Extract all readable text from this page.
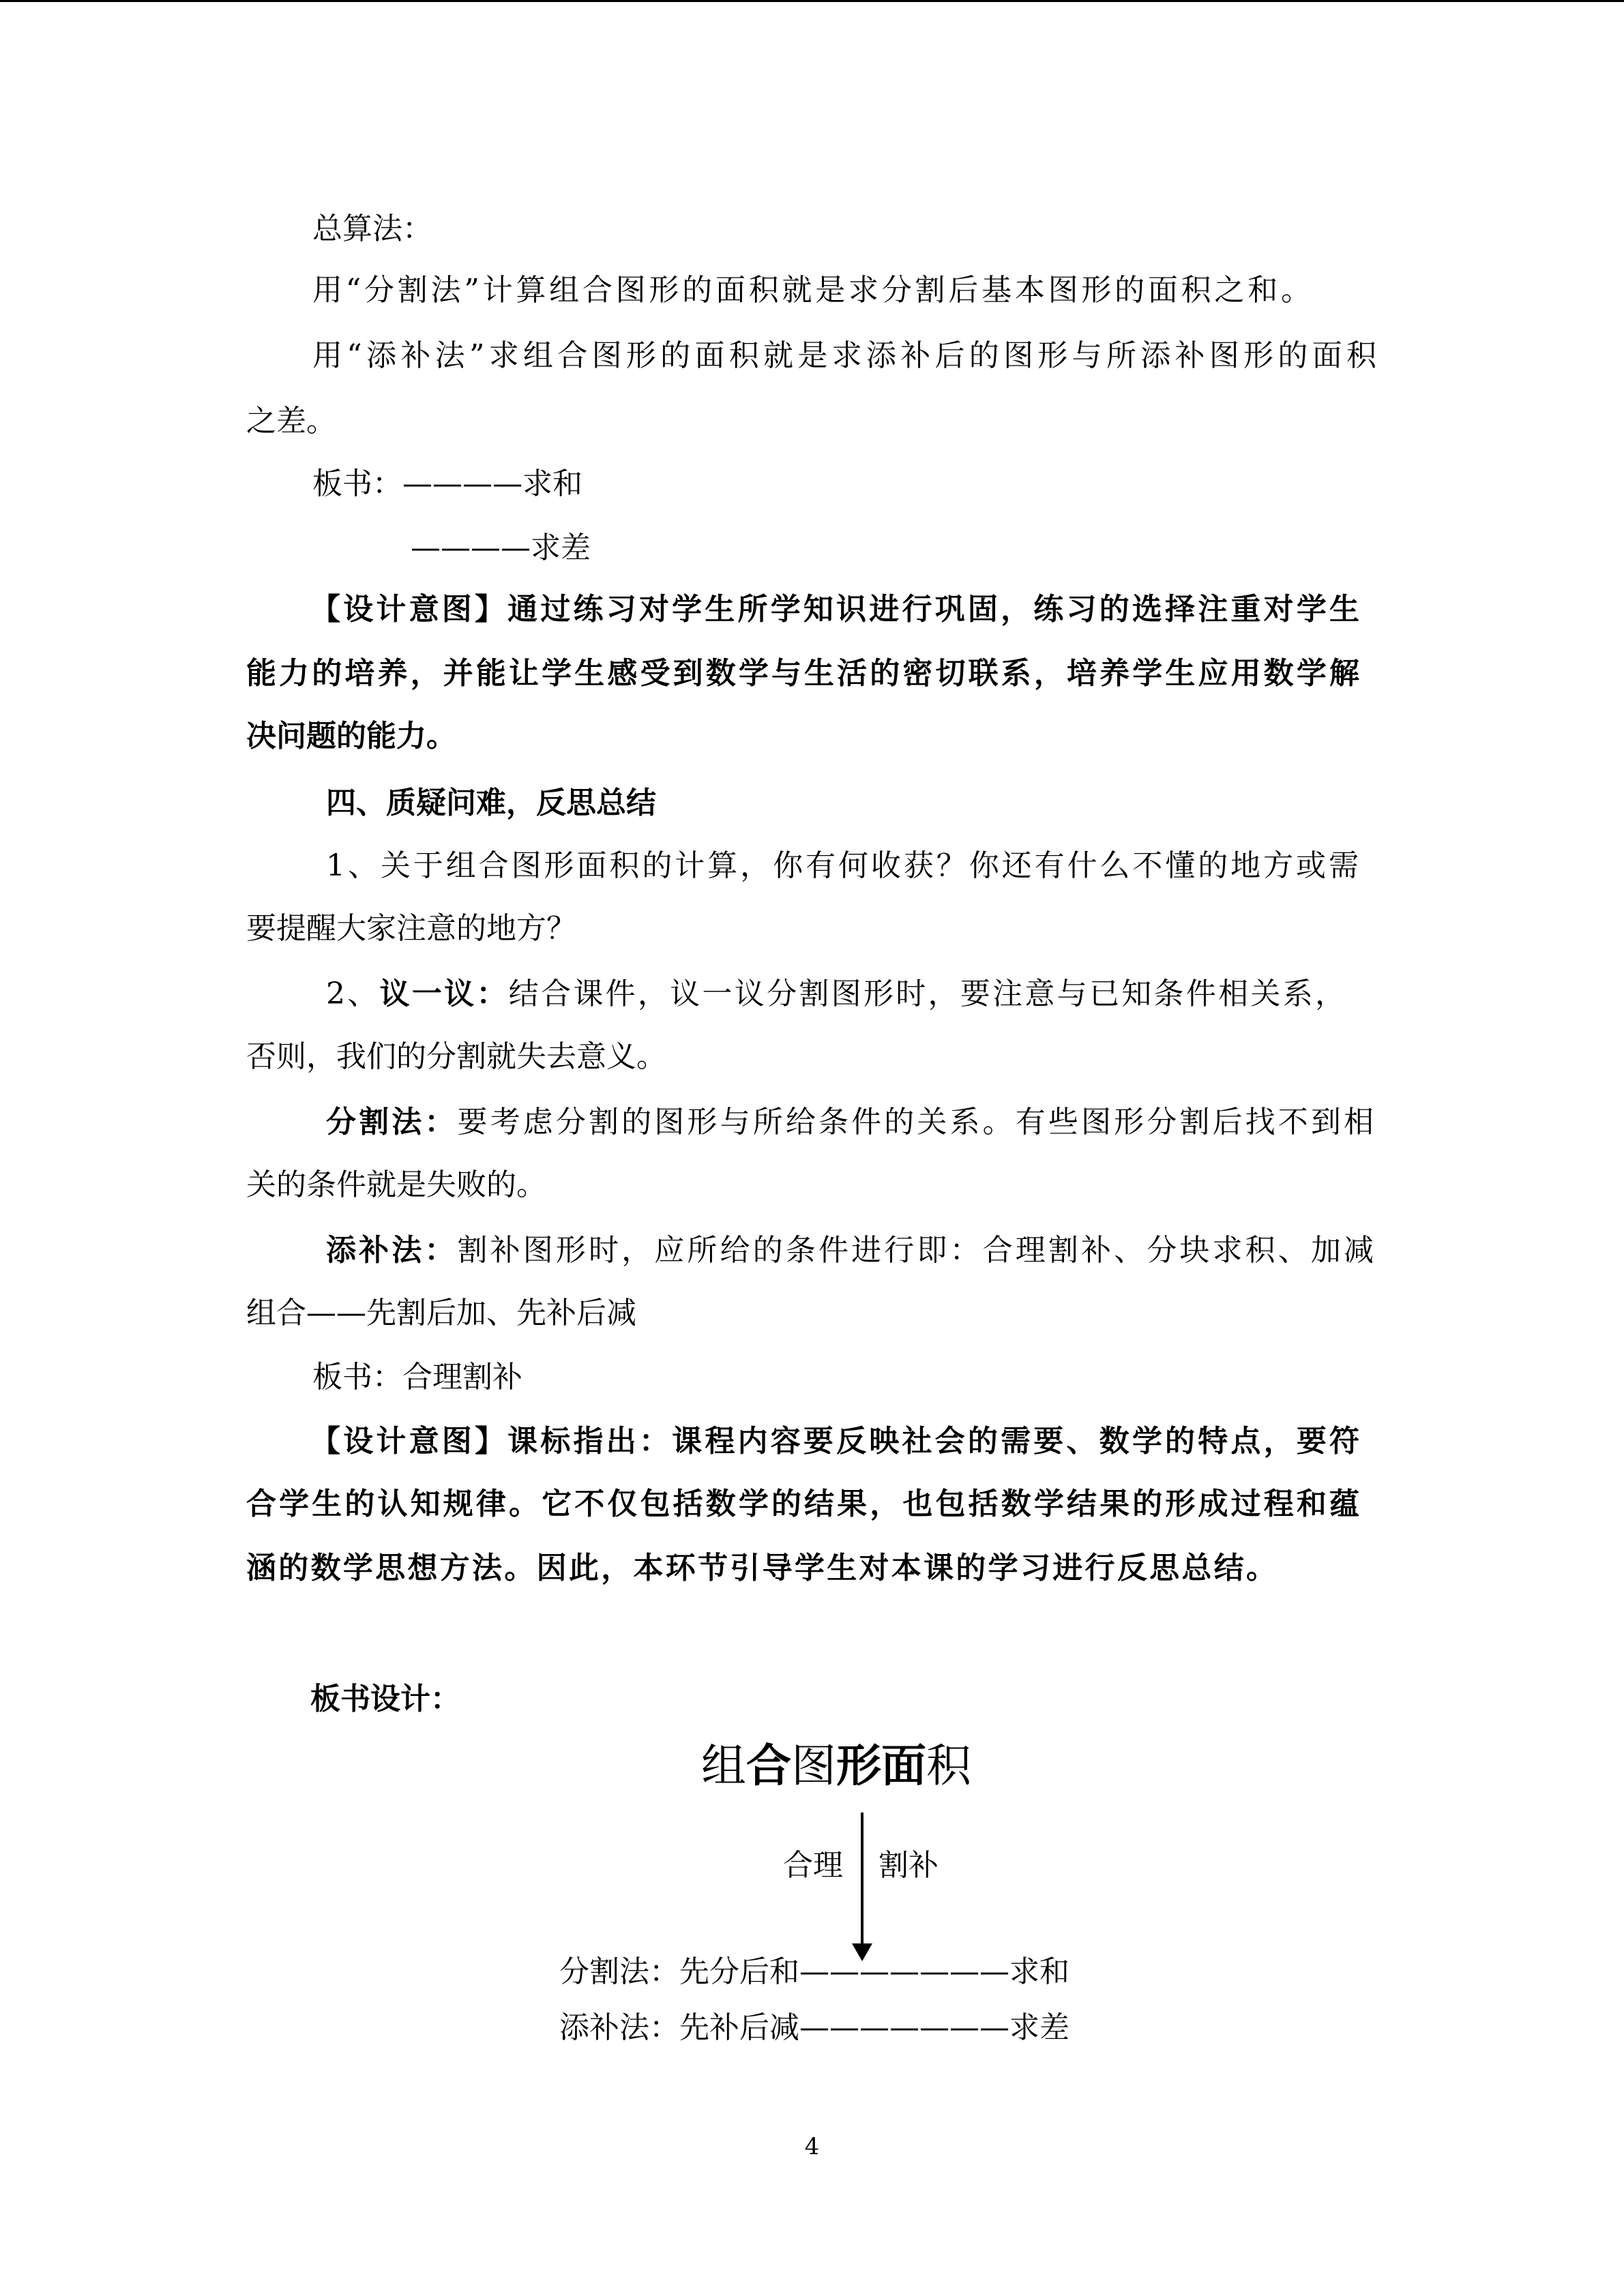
总算法：

用“分割法”计算组合图形的面积就是求分割后基本图形的面积之和。

用“添补法”求组合图形的面积就是求添补后的图形与所添补图形的面积

之差。

板书：————求和

————求差

【设计意图】通过练习对学生所学知识进行巩固，练习的选择注重对学生

能力的培养，并能让学生感受到数学与生活的密切联系，培养学生应用数学解

决问题的能力。

四、质疑问难，反思总结

1、关于组合图形面积的计算，你有何收获？你还有什么不懂的地方或需

要提醒大家注意的地方？

2、议一议：结合课件，议一议分割图形时，要注意与已知条件相关系，

否则，我们的分割就失去意义。

分割法：要考虑分割的图形与所给条件的关系。有些图形分割后找不到相

关的条件就是失败的。

添补法：割补图形时，应所给的条件进行即：合理割补、分块求积、加减

组合——先割后加、先补后减

板书：合理割补

【设计意图】课标指出：课程内容要反映社会的需要、数学的特点，要符

合学生的认知规律。它不仅包括数学的结果，也包括数学结果的形成过程和蕴

涵的数学思想方法。因此，本环节引导学生对本课的学习进行反思总结。

板书设计：

组合图形面积

合理 割补

分割法：先分后和———————求和

添补法：先补后减———————求差

4
